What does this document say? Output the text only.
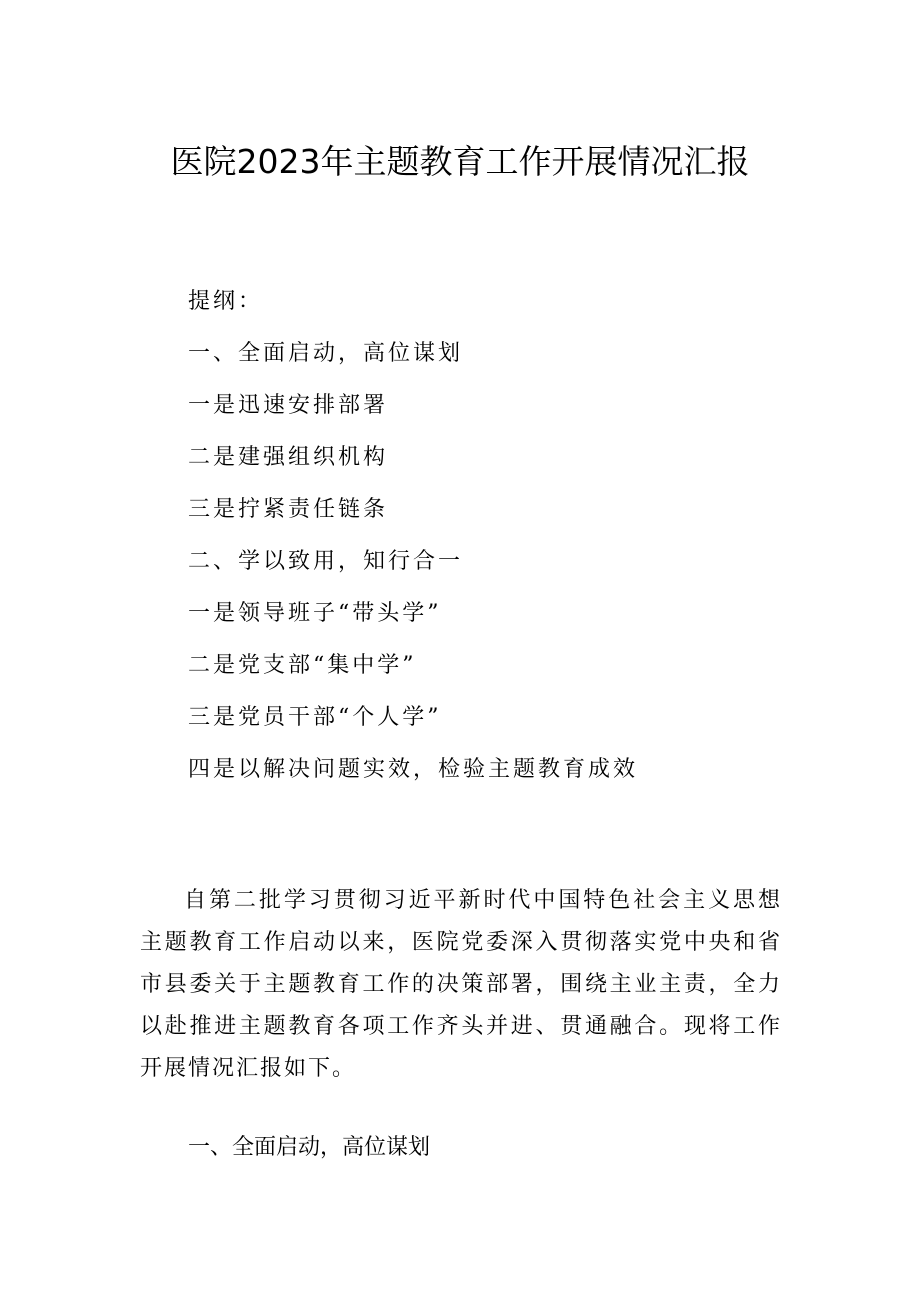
医院2023年主题教育工作开展情况汇报
提纲：
一、全面启动，高位谋划
一是迅速安排部署
二是建强组织机构
三是拧紧责任链条
二、学以致用，知行合一
一是领导班子“带头学”
二是党支部“集中学”
三是党员干部“个人学”
四是以解决问题实效，检验主题教育成效

自第二批学习贯彻习近平新时代中国特色社会主义思想主题教育工作启动以来，医院党委深入贯彻落实党中央和省市县委关于主题教育工作的决策部署，围绕主业主责，全力以赴推进主题教育各项工作齐头并进、贯通融合。现将工作开展情况汇报如下。

一、全面启动，高位谋划
